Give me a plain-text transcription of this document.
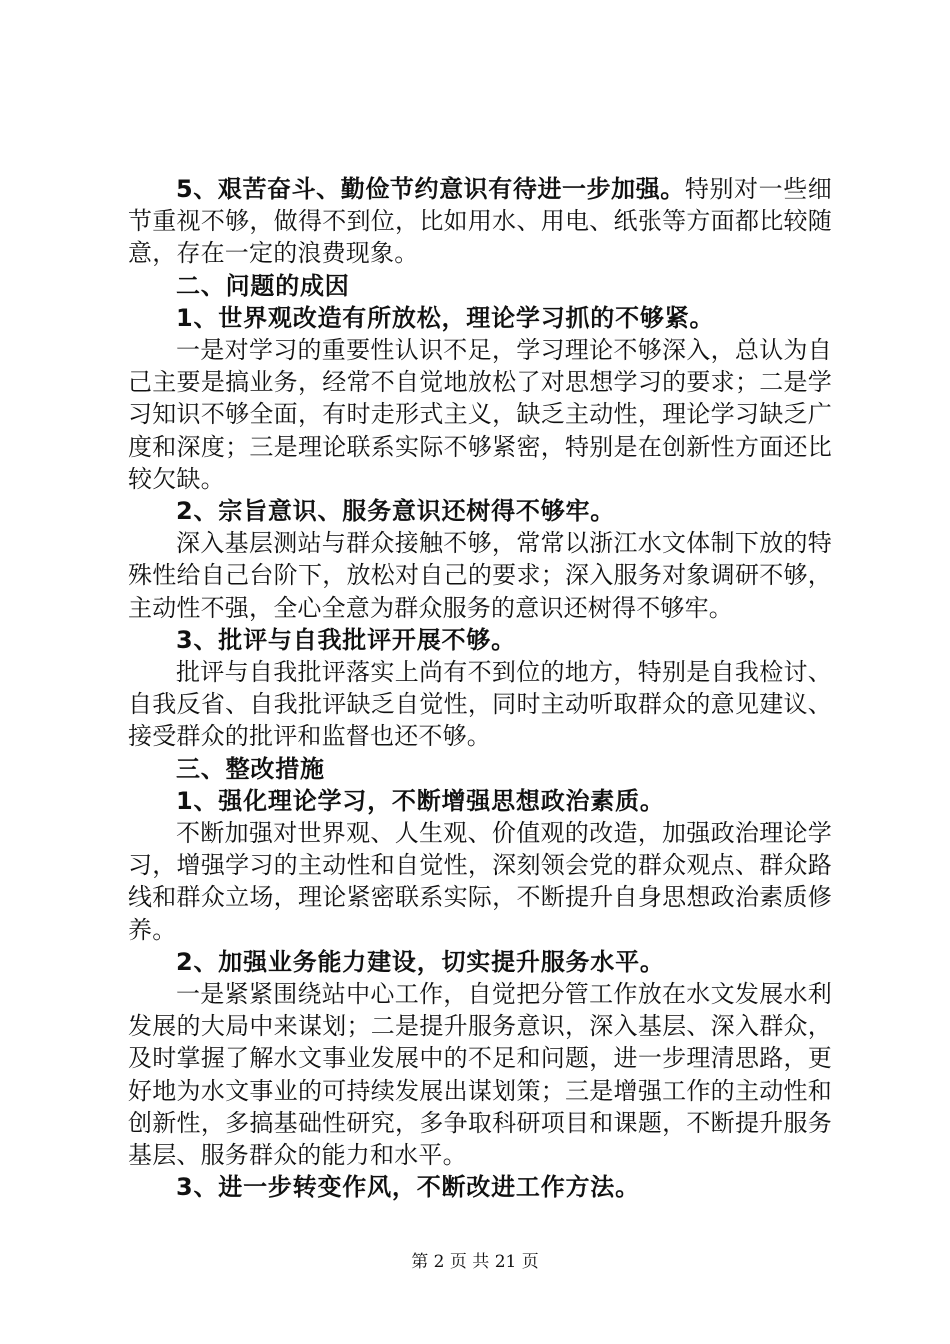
5、艰苦奋斗、勤俭节约意识有待进一步加强。特别对一些细节重视不够，做得不到位，比如用水、用电、纸张等方面都比较随意，存在一定的浪费现象。

二、问题的成因

1、世界观改造有所放松，理论学习抓的不够紧。

一是对学习的重要性认识不足，学习理论不够深入，总认为自己主要是搞业务，经常不自觉地放松了对思想学习的要求；二是学习知识不够全面，有时走形式主义，缺乏主动性，理论学习缺乏广度和深度；三是理论联系实际不够紧密，特别是在创新性方面还比较欠缺。

2、宗旨意识、服务意识还树得不够牢。

深入基层测站与群众接触不够，常常以浙江水文体制下放的特殊性给自己台阶下，放松对自己的要求；深入服务对象调研不够，主动性不强，全心全意为群众服务的意识还树得不够牢。

3、批评与自我批评开展不够。

批评与自我批评落实上尚有不到位的地方，特别是自我检讨、自我反省、自我批评缺乏自觉性，同时主动听取群众的意见建议、接受群众的批评和监督也还不够。

三、整改措施

1、强化理论学习，不断增强思想政治素质。

不断加强对世界观、人生观、价值观的改造，加强政治理论学习，增强学习的主动性和自觉性，深刻领会党的群众观点、群众路线和群众立场，理论紧密联系实际，不断提升自身思想政治素质修养。

2、加强业务能力建设，切实提升服务水平。

一是紧紧围绕站中心工作，自觉把分管工作放在水文发展水利发展的大局中来谋划；二是提升服务意识，深入基层、深入群众，及时掌握了解水文事业发展中的不足和问题，进一步理清思路，更好地为水文事业的可持续发展出谋划策；三是增强工作的主动性和创新性，多搞基础性研究，多争取科研项目和课题，不断提升服务基层、服务群众的能力和水平。

3、进一步转变作风，不断改进工作方法。

第 2 页 共 21 页
